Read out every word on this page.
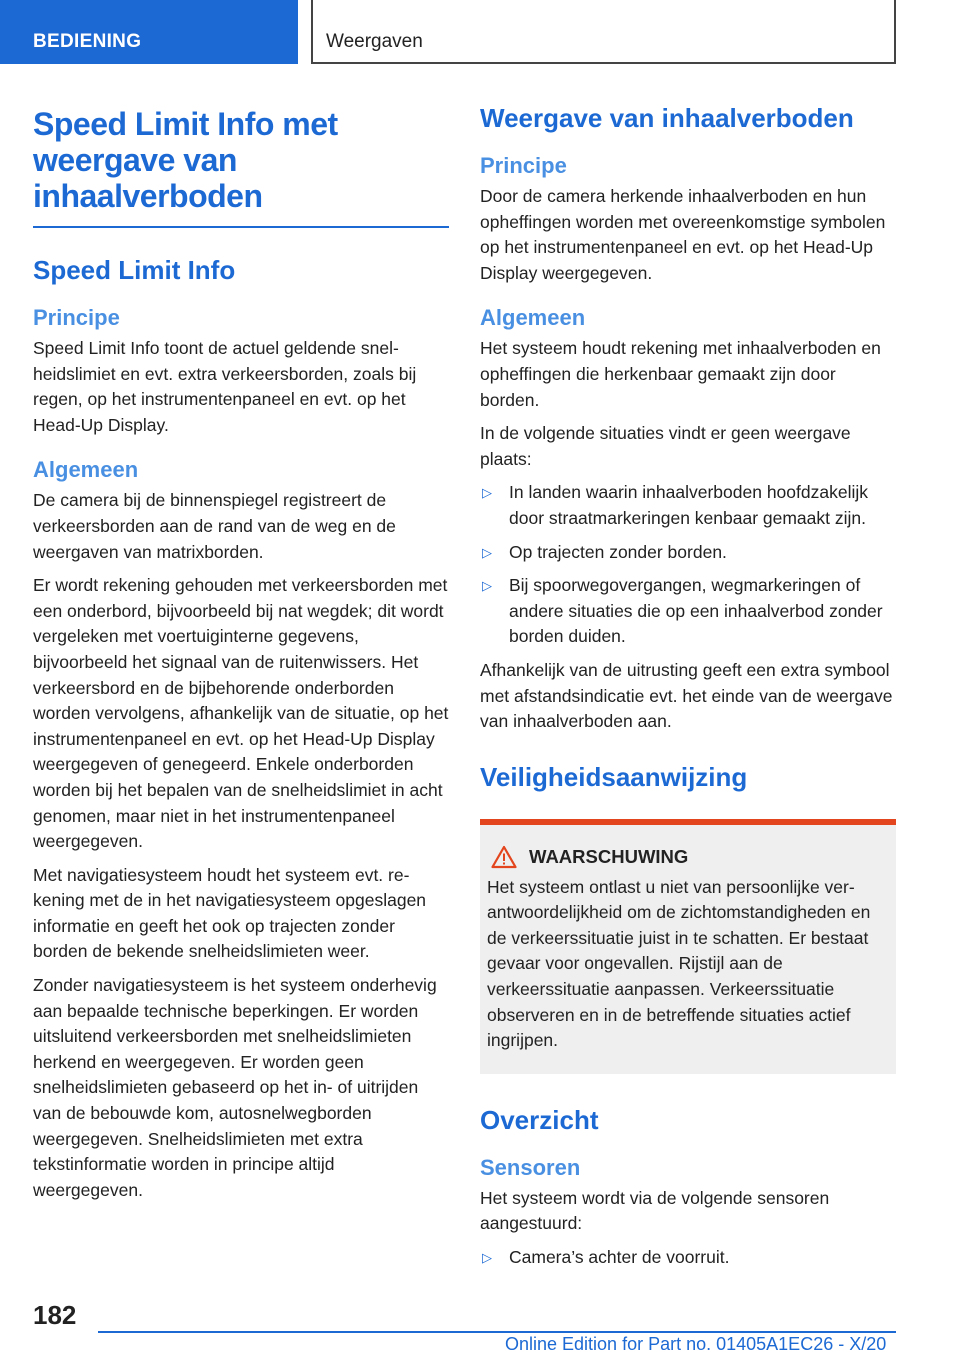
BEDIENING	Weergaven
Speed Limit Info met weergave van inhaalverboden
Speed Limit Info
Principe

Speed Limit Info toont de actuel geldende snelheidslimiet en evt. extra verkeersborden, zoals bij regen, op het instrumentenpaneel en evt. op het Head-Up Display.

Algemeen

De camera bij de binnenspiegel registreert de verkeersborden aan de rand van de weg en de weergaven van matrixborden.

Er wordt rekening gehouden met verkeersborden met een onderbord, bijvoorbeeld bij nat wegdek; dit wordt vergeleken met voertuiginterne gegevens, bijvoorbeeld het signaal van de ruitenwissers. Het verkeersbord en de bijbehorende onderborden worden vervolgens, afhankelijk van de situatie, op het instrumentenpaneel en evt. op het Head-Up Display weergegeven of genegeerd. Enkele onderborden worden bij het bepalen van de snelheidslimiet in acht genomen, maar niet in het instrumentenpaneel weergegeven.

Met navigatiesysteem houdt het systeem evt. rekening met de in het navigatiesysteem opgeslagen informatie en geeft het ook op trajecten zonder borden de bekende snelheidslimieten weer.

Zonder navigatiesysteem is het systeem onderhevig aan bepaalde technische beperkingen. Er worden uitsluitend verkeersborden met snelheidslimieten herkend en weergegeven. Er worden geen snelheidslimieten gebaseerd op het in- of uitrijden van de bebouwde kom, autosnelwegborden weergegeven. Snelheidslimieten met extra tekstinformatie worden in principe altijd weergegeven.

Weergave van inhaalverboden
Principe

Door de camera herkende inhaalverboden en hun opheffingen worden met overeenkomstige symbolen op het instrumentenpaneel en evt. op het Head-Up Display weergegeven.

Algemeen

Het systeem houdt rekening met inhaalverboden en opheffingen die herkenbaar gemaakt zijn door borden.

In de volgende situaties vindt er geen weergave plaats:

▷ In landen waarin inhaalverboden hoofdzakelijk door straatmarkeringen kenbaar gemaakt zijn.
▷ Op trajecten zonder borden.
▷ Bij spoorwegovergangen, wegmarkeringen of andere situaties die op een inhaalverbod zonder borden duiden.

Afhankelijk van de uitrusting geeft een extra symbool met afstandsindicatie evt. het einde van de weergave van inhaalverboden aan.

Veiligheidsaanwijzing
WAARSCHUWING

Het systeem ontlast u niet van persoonlijke verantwoordelijkheid om de zichtomstandigheden en de verkeerssituatie juist in te schatten. Er bestaat gevaar voor ongevallen. Rijstijl aan de verkeerssituatie aanpassen. Verkeerssituatie observeren en in de betreffende situaties actief ingrijpen.

Overzicht
Sensoren

Het systeem wordt via de volgende sensoren aangestuurd:

▷ Camera’s achter de voorruit.
182
Online Edition for Part no. 01405A1EC26 - X/20
